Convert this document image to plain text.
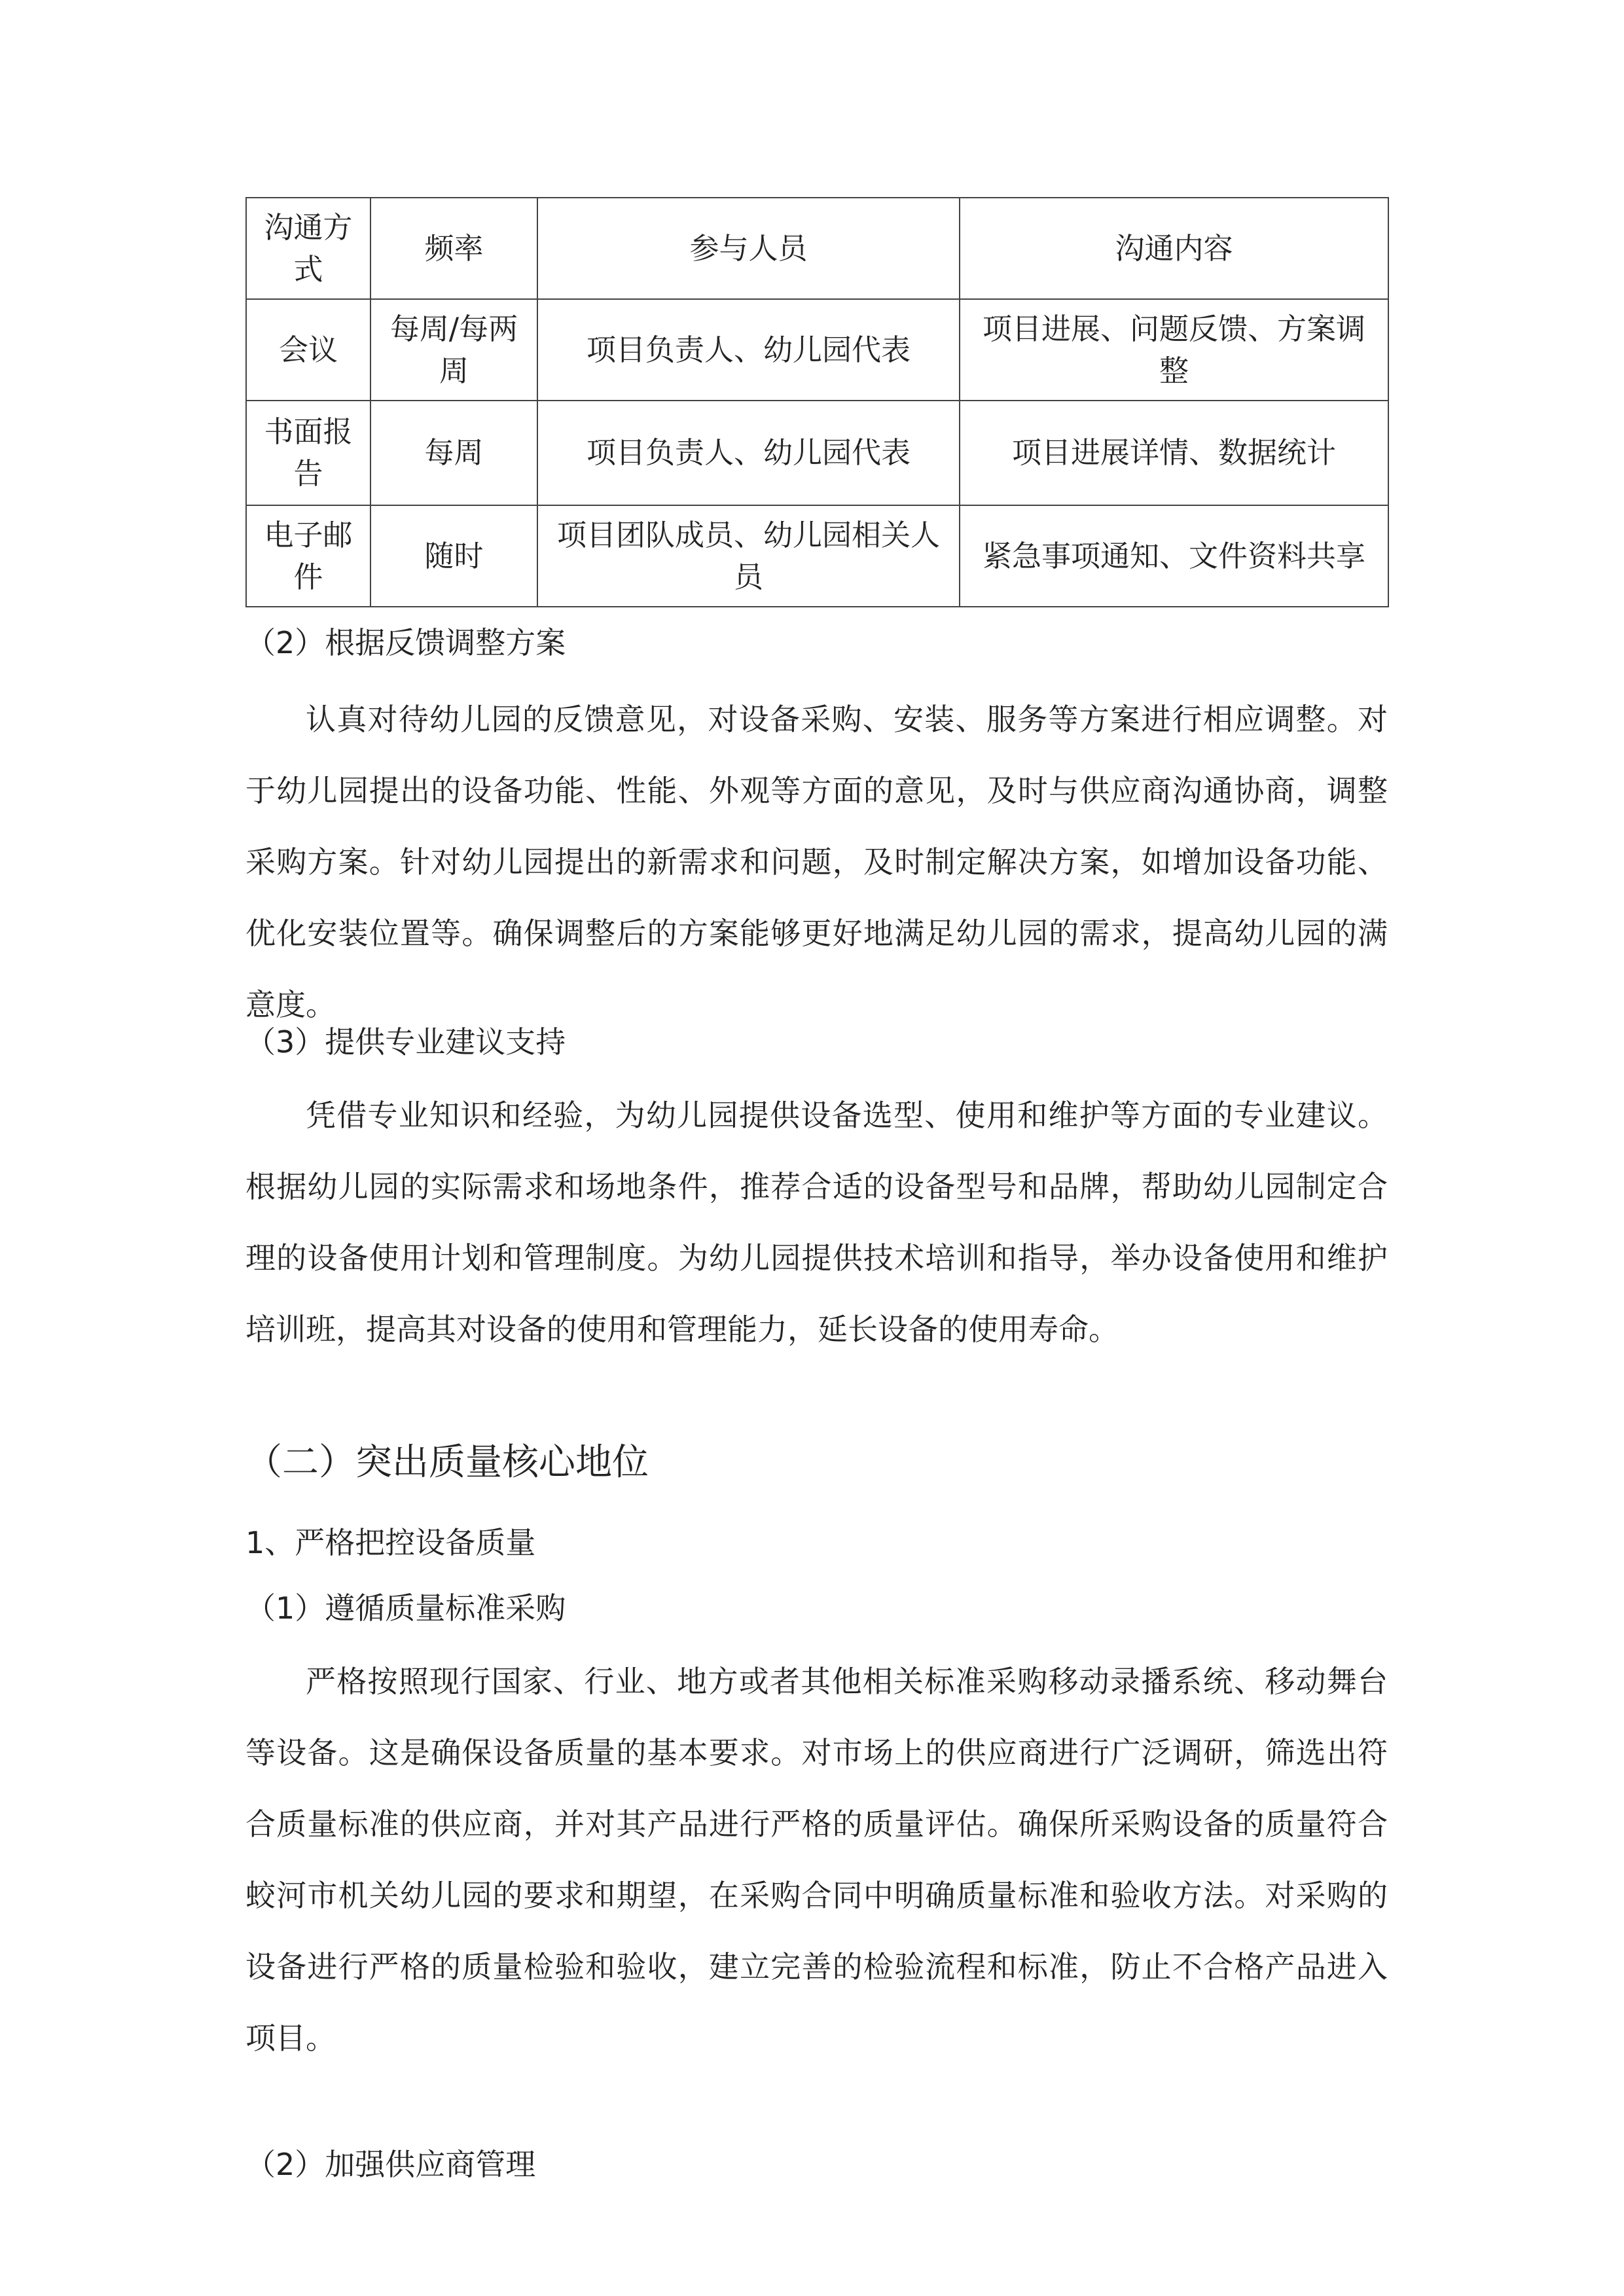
沟通方式	频率	参与人员	沟通内容
会议	每周/每两周	项目负责人、幼儿园代表	项目进展、问题反馈、方案调整
书面报告	每周	项目负责人、幼儿园代表	项目进展详情、数据统计
电子邮件	随时	项目团队成员、幼儿园相关人员	紧急事项通知、文件资料共享
（2）根据反馈调整方案

认真对待幼儿园的反馈意见，对设备采购、安装、服务等方案进行相应调整。对于幼儿园提出的设备功能、性能、外观等方面的意见，及时与供应商沟通协商，调整采购方案。针对幼儿园提出的新需求和问题，及时制定解决方案，如增加设备功能、优化安装位置等。确保调整后的方案能够更好地满足幼儿园的需求，提高幼儿园的满意度。

（3）提供专业建议支持

凭借专业知识和经验，为幼儿园提供设备选型、使用和维护等方面的专业建议。根据幼儿园的实际需求和场地条件，推荐合适的设备型号和品牌，帮助幼儿园制定合理的设备使用计划和管理制度。为幼儿园提供技术培训和指导，举办设备使用和维护培训班，提高其对设备的使用和管理能力，延长设备的使用寿命。

（二）突出质量核心地位
1、严格把控设备质量
（1）遵循质量标准采购

严格按照现行国家、行业、地方或者其他相关标准采购移动录播系统、移动舞台等设备。这是确保设备质量的基本要求。对市场上的供应商进行广泛调研，筛选出符合质量标准的供应商，并对其产品进行严格的质量评估。确保所采购设备的质量符合蛟河市机关幼儿园的要求和期望，在采购合同中明确质量标准和验收方法。对采购的设备进行严格的质量检验和验收，建立完善的检验流程和标准，防止不合格产品进入项目。

（2）加强供应商管理
